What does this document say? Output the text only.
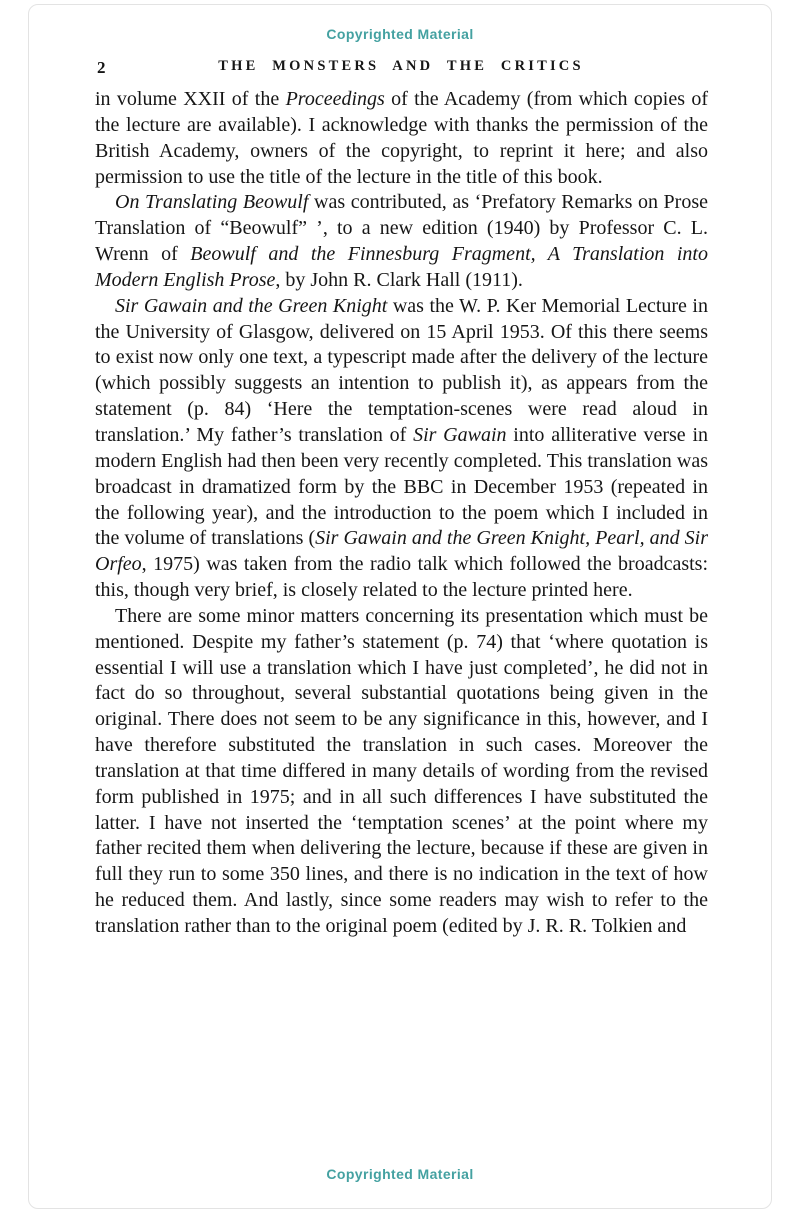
Copyrighted Material
2	THE MONSTERS AND THE CRITICS

in volume XXII of the Proceedings of the Academy (from which copies of the lecture are available). I acknowledge with thanks the permission of the British Academy, owners of the copyright, to reprint it here; and also permission to use the title of the lecture in the title of this book.

On Translating Beowulf was contributed, as ‘Prefatory Remarks on Prose Translation of “Beowulf” ’, to a new edition (1940) by Professor C. L. Wrenn of Beowulf and the Finnesburg Fragment, A Translation into Modern English Prose, by John R. Clark Hall (1911).

Sir Gawain and the Green Knight was the W. P. Ker Memorial Lecture in the University of Glasgow, delivered on 15 April 1953. Of this there seems to exist now only one text, a typescript made after the delivery of the lecture (which possibly suggests an intention to publish it), as appears from the statement (p. 84) ‘Here the temptation-scenes were read aloud in translation.’ My father’s translation of Sir Gawain into alliterative verse in modern English had then been very recently completed. This translation was broadcast in dramatized form by the BBC in December 1953 (repeated in the following year), and the introduction to the poem which I included in the volume of translations (Sir Gawain and the Green Knight, Pearl, and Sir Orfeo, 1975) was taken from the radio talk which followed the broadcasts: this, though very brief, is closely related to the lecture printed here.

There are some minor matters concerning its presentation which must be mentioned. Despite my father’s statement (p. 74) that ‘where quotation is essential I will use a translation which I have just completed’, he did not in fact do so throughout, several substantial quotations being given in the original. There does not seem to be any significance in this, however, and I have therefore substituted the translation in such cases. Moreover the translation at that time differed in many details of wording from the revised form published in 1975; and in all such differences I have substituted the latter. I have not inserted the ‘temptation scenes’ at the point where my father recited them when delivering the lecture, because if these are given in full they run to some 350 lines, and there is no indication in the text of how he reduced them. And lastly, since some readers may wish to refer to the translation rather than to the original poem (edited by J. R. R. Tolkien and

Copyrighted Material
